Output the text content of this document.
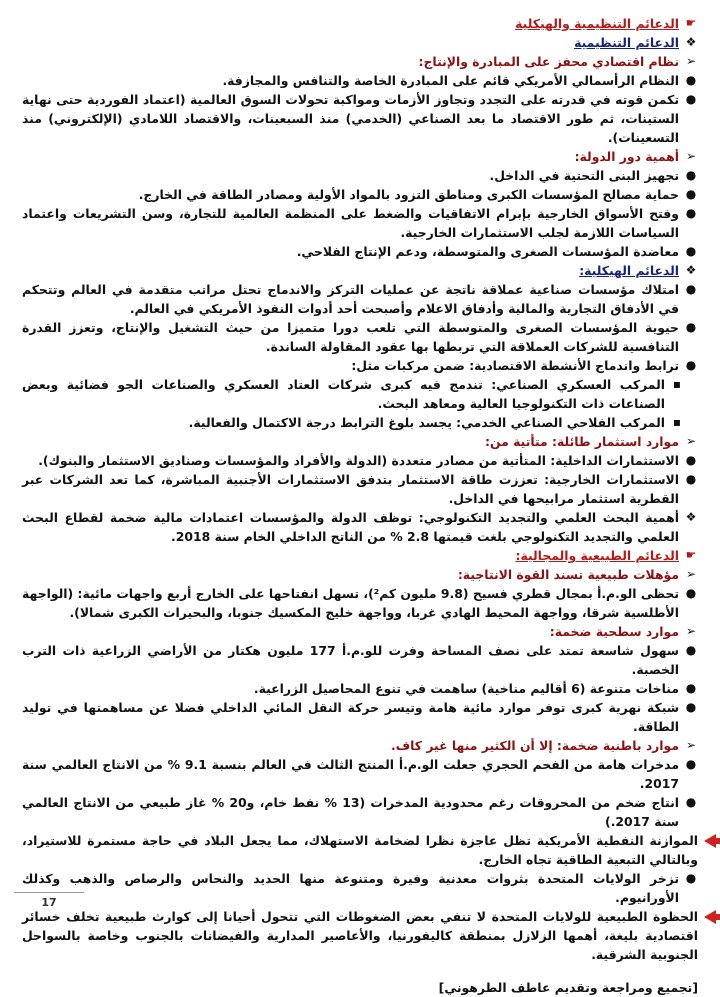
☛
الدعائم التنظيمية والهيكلية
❖
الدعائم التنظيمية
➢
نظام اقتصادي محفز على المبادرة والإنتاج:
●
النظام الرأسمالي الأمريكي قائم على المبادرة الخاصة والتنافس والمجازفة.
●
تكمن قوته في قدرته على التجدد وتجاوز الأزمات ومواكبة تحولات السوق العالمية (اعتماد الفوردية حتى نهاية الستينات، ثم طور الاقتصاد ما بعد الصناعي (الخدمي) منذ السبعينات، والاقتصاد اللامادي (الإلكتروني) منذ التسعينات).
➢
أهمية دور الدولة:
●
تجهيز البنى التحتية في الداخل.
●
حماية مصالح المؤسسات الكبرى ومناطق التزود بالمواد الأولية ومصادر الطاقة في الخارج.
●
وفتح الأسواق الخارجية بإبرام الاتفاقيات والضغط على المنظمة العالمية للتجارة، وسن التشريعات واعتماد السياسات اللازمة لجلب الاستثمارات الخارجية.
●
معاضدة المؤسسات الصغرى والمتوسطة، ودعم الإنتاج الفلاحي.
❖
الدعائم الهيكلية:
●
امتلاك مؤسسات صناعية عملاقة ناتجة عن عمليات التركز والاندماج تحتل مراتب متقدمة في العالم وتتحكم في الأدفاق التجارية والمالية وأدفاق الاعلام وأصبحت أحد أدوات النفوذ الأمريكي في العالم.
●
حيوية المؤسسات الصغرى والمتوسطة التي تلعب دورا متميزا من حيث التشغيل والإنتاج، وتعزز القدرة التنافسية للشركات العملاقة التي تربطها بها عقود المقاولة الساندة.
●
ترابط واندماج الأنشطة الاقتصادية: ضمن مركبات مثل:
▪
المركب العسكري الصناعي: تندمج فيه كبرى شركات العتاد العسكري والصناعات الجو فضائية وبعض الصناعات ذات التكنولوجيا العالية ومعاهد البحث.
▪
المركب الفلاحي الصناعي الخدمي: يجسد بلوغ الترابط درجة الاكتمال والفعالية.
➢
موارد استثمار طائلة: متأتية من:
●
الاستثمارات الداخلية: المتأتية من مصادر متعددة (الدولة والأفراد والمؤسسات وصناديق الاستثمار والبنوك).
●
الاستثمارات الخارجية: تعززت طاقة الاستثمار بتدفق الاستثمارات الأجنبية المباشرة، كما تعد الشركات عبر القطرية استثمار مرابيحها في الداخل.
❖
أهمية البحث العلمي والتجديد التكنولوجي: توظف الدولة والمؤسسات اعتمادات مالية ضخمة لقطاع البحث العلمي والتجديد التكنولوجي بلغت قيمتها 2.8 % من الناتج الداخلي الخام سنة 2018.
☛
الدعائم الطبيعية والمجالية:
➢
مؤهلات طبيعية تسند القوة الانتاجية:
●
تحظى الو.م.أ بمجال قطري فسيح (9.8 مليون كم²)، تسهل انفتاحها على الخارج أربع واجهات مائية: (الواجهة الأطلسية شرقا، وواجهة المحيط الهادي غربا، وواجهة خليج المكسيك جنوبا، والبحيرات الكبرى شمالا).
➢
موارد سطحية ضخمة:
●
سهول شاسعة تمتد على نصف المساحة وفرت للو.م.أ 177 مليون هكتار من الأراضي الزراعية ذات الترب الخصبة.
●
مناخات متنوعة (6 أقاليم مناخية) ساهمت في تنوع المحاصيل الزراعية.
●
شبكة نهرية كبرى توفر موارد مائية هامة وتيسر حركة النقل المائي الداخلي فضلا عن مساهمتها في توليد الطاقة.
➢
موارد باطنية ضخمة: إلا أن الكثير منها غير كاف.
●
مدخرات هامة من الفحم الحجري جعلت الو.م.أ المنتج الثالث في العالم بنسبة 9.1 % من الانتاج العالمي سنة 2017.
●
انتاج ضخم من المحروقات رغم محدودية المدخرات (13 % نفط خام، و20 % غاز طبيعي من الانتاج العالمي سنة 2017.)
الموازنة النفطية الأمريكية تظل عاجزة نظرا لضخامة الاستهلاك، مما يجعل البلاد في حاجة مستمرة للاستيراد، وبالتالي التبعية الطاقية تجاه الخارج.
●
تزخر الولايات المتحدة بثروات معدنية وفيرة ومتنوعة منها الحديد والنحاس والرصاص والذهب وكذلك الأورانيوم.
الحظوة الطبيعية للولايات المتحدة لا تنفي بعض الضغوطات التي تتحول أحيانا إلى كوارث طبيعية تخلف خسائر اقتصادية بليغة، أهمها الزلازل بمنطقة كاليفورنيا، والأعاصير المدارية والفيضانات بالجنوب وخاصة بالسواحل الجنوبية الشرقية.
[تجميع ومراجعة وتقديم عاطف الطرهوني]
17
